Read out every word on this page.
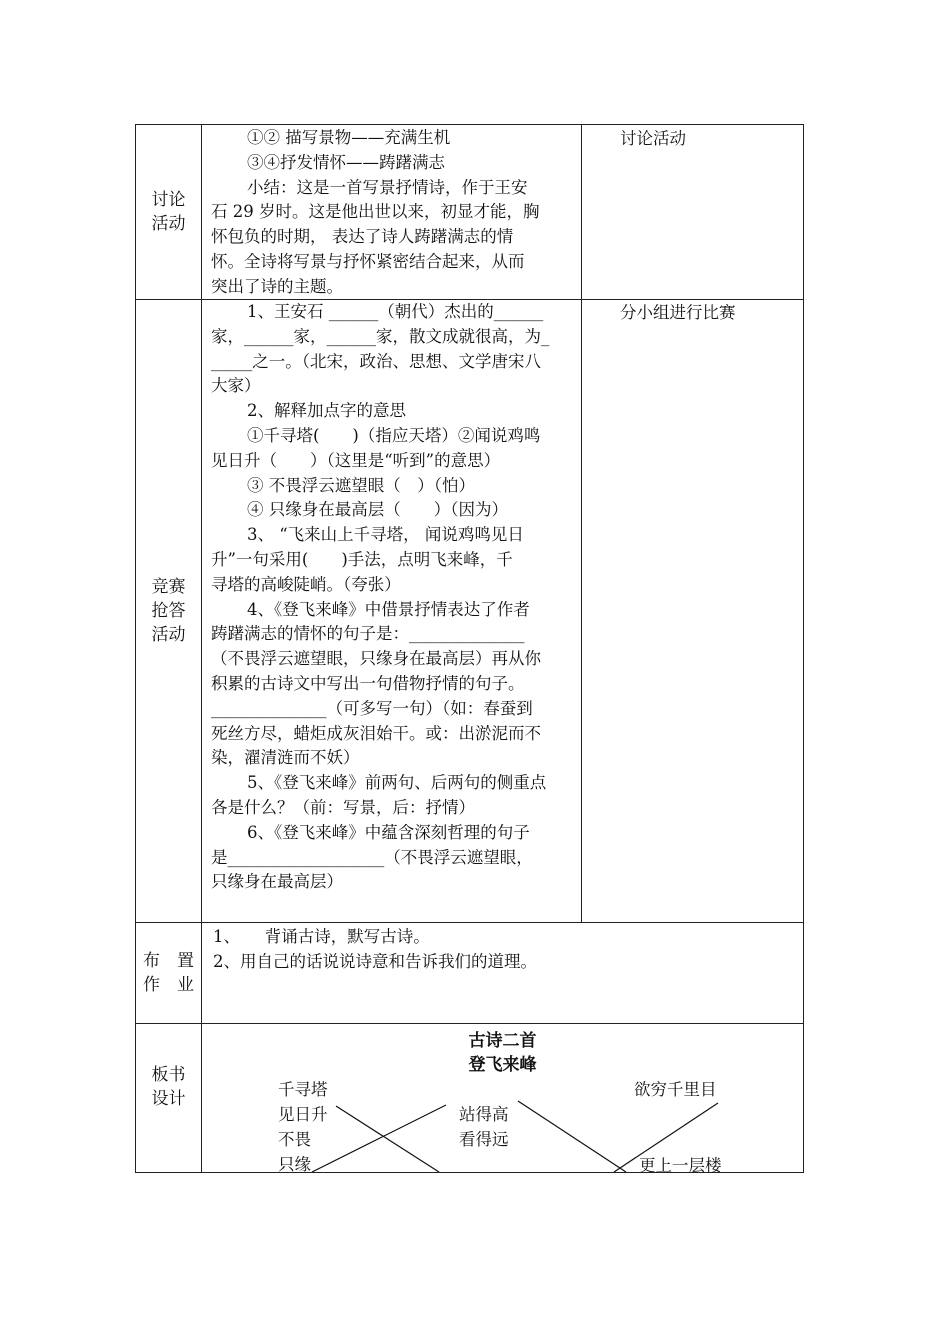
讨论
活动
①② 描写景物——充满生机
③④抒发情怀——踌躇满志
小结：这是一首写景抒情诗，作于王安
石 29 岁时。这是他出世以来，初显才能，胸
怀包负的时期， 表达了诗人踌躇满志的情
怀。全诗将写景与抒怀紧密结合起来，从而
突出了诗的主题。
讨论活动
竞赛
抢答
活动
1、王安石 ______（朝代）杰出的______
家，______家，______家，散文成就很高，为_
_____之一。（北宋，政治、思想、文学唐宋八
大家）
2、解释加点字的意思
①千寻塔(　　)（指应天塔）②闻说鸡鸣
见日升（　　）（这里是“听到”的意思）
③ 不畏浮云遮望眼（　）（怕）
④ 只缘身在最高层（　　）（因为）
3、 “飞来山上千寻塔， 闻说鸡鸣见日
升”一句采用(　　)手法，点明飞来峰，千
寻塔的高峻陡峭。（夸张）
4、《登飞来峰》中借景抒情表达了作者
踌躇满志的情怀的句子是：______________
（不畏浮云遮望眼，只缘身在最高层）再从你
积累的古诗文中写出一句借物抒情的句子。
______________（可多写一句）（如：春蚕到
死丝方尽，蜡炬成灰泪始干。或：出淤泥而不
染，濯清涟而不妖）
5、《登飞来峰》前两句、后两句的侧重点
各是什么？（前：写景，后：抒情）
6、《登飞来峰》中蕴含深刻哲理的句子
是___________________（不畏浮云遮望眼，
只缘身在最高层）
分小组进行比赛
布　置
作　业
1、　　背诵古诗，默写古诗。
2、用自己的话说说诗意和告诉我们的道理。
板书
设计
古诗二首
登飞来峰
千寻塔
见日升
不畏
只缘
站得高
看得远
欲穷千里目
更上一层楼
